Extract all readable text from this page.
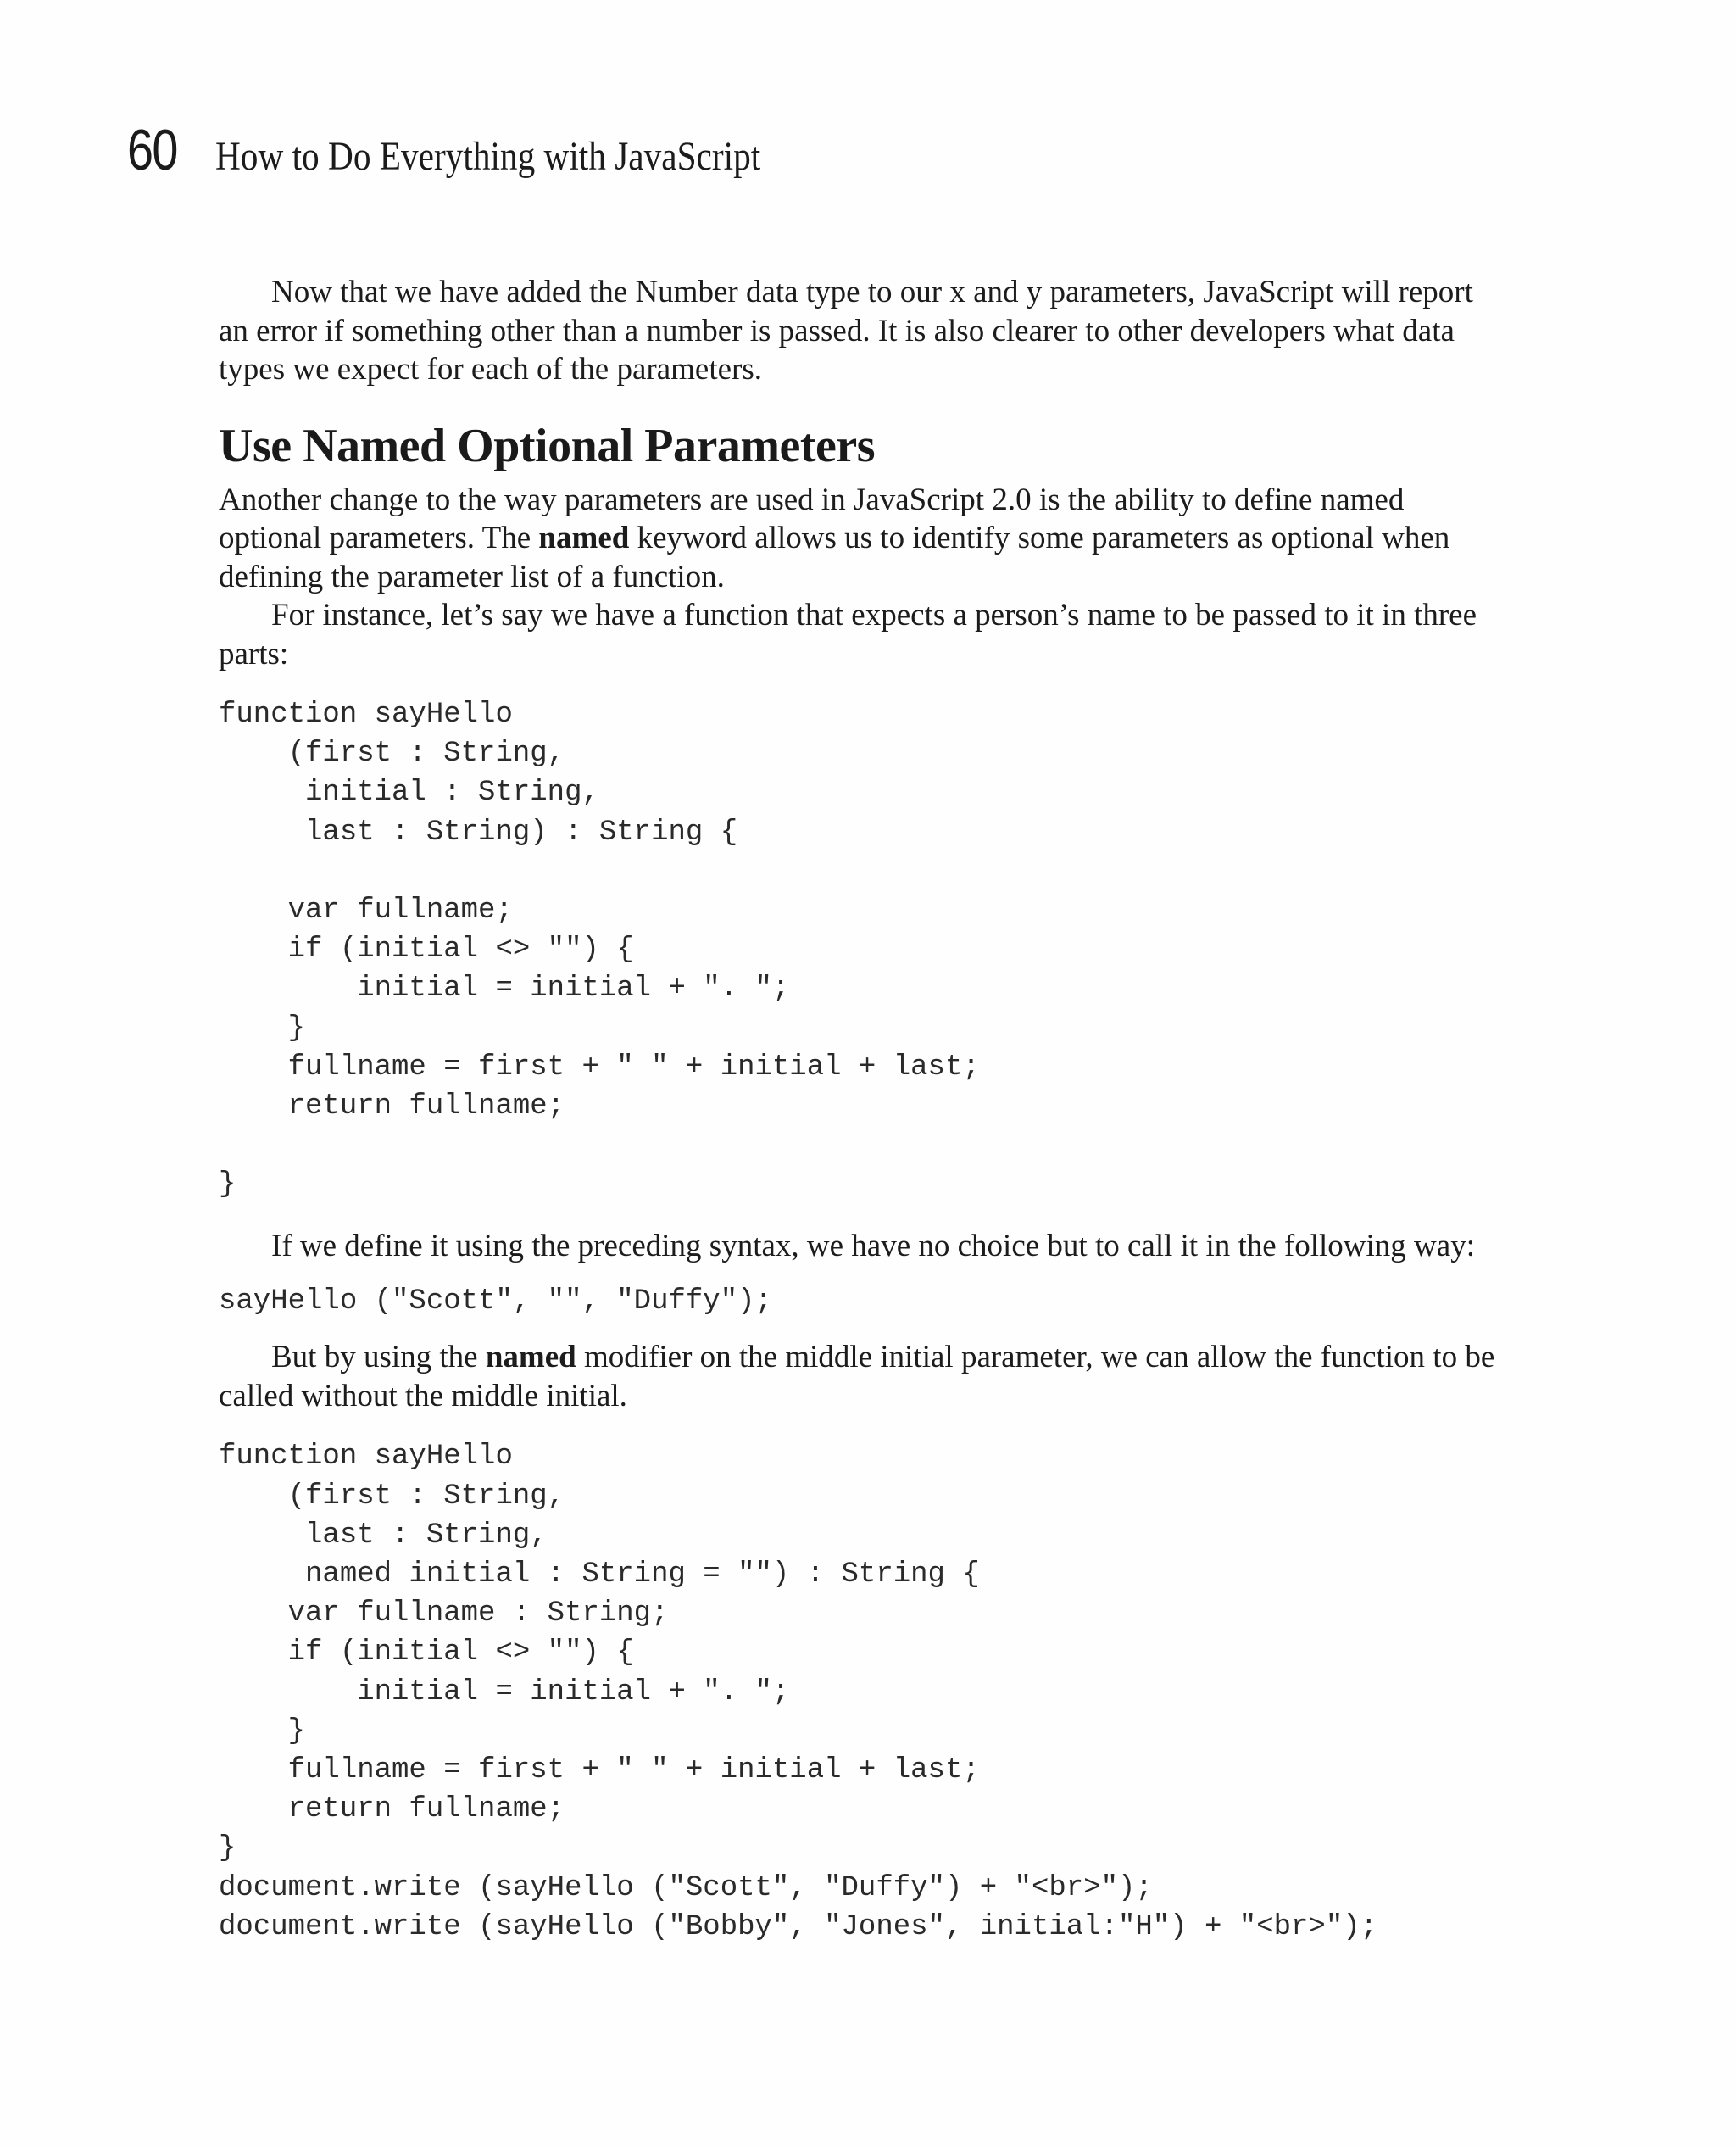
60 How to Do Everything with JavaScript

Now that we have added the Number data type to our x and y parameters, JavaScript will report an error if something other than a number is passed. It is also clearer to other developers what data types we expect for each of the parameters.

Use Named Optional Parameters

Another change to the way parameters are used in JavaScript 2.0 is the ability to define named optional parameters. The named keyword allows us to identify some parameters as optional when defining the parameter list of a function.

For instance, let’s say we have a function that expects a person’s name to be passed to it in three parts:

function sayHello
(first : String,
initial : String,
last : String) : String {

var fullname;
if (initial <> "") {
initial = initial + ". ";
}
fullname = first + " " + initial + last;
return fullname;

}

If we define it using the preceding syntax, we have no choice but to call it in the following way:

sayHello ("Scott", "", "Duffy");

But by using the named modifier on the middle initial parameter, we can allow the function to be called without the middle initial.

function sayHello
(first : String,
last : String,
named initial : String = "") : String {
var fullname : String;
if (initial <> "") {
initial = initial + ". ";
}
fullname = first + " " + initial + last;
return fullname;
}
document.write (sayHello ("Scott", "Duffy") + "<br>");
document.write (sayHello ("Bobby", "Jones", initial:"H") + "<br>");
